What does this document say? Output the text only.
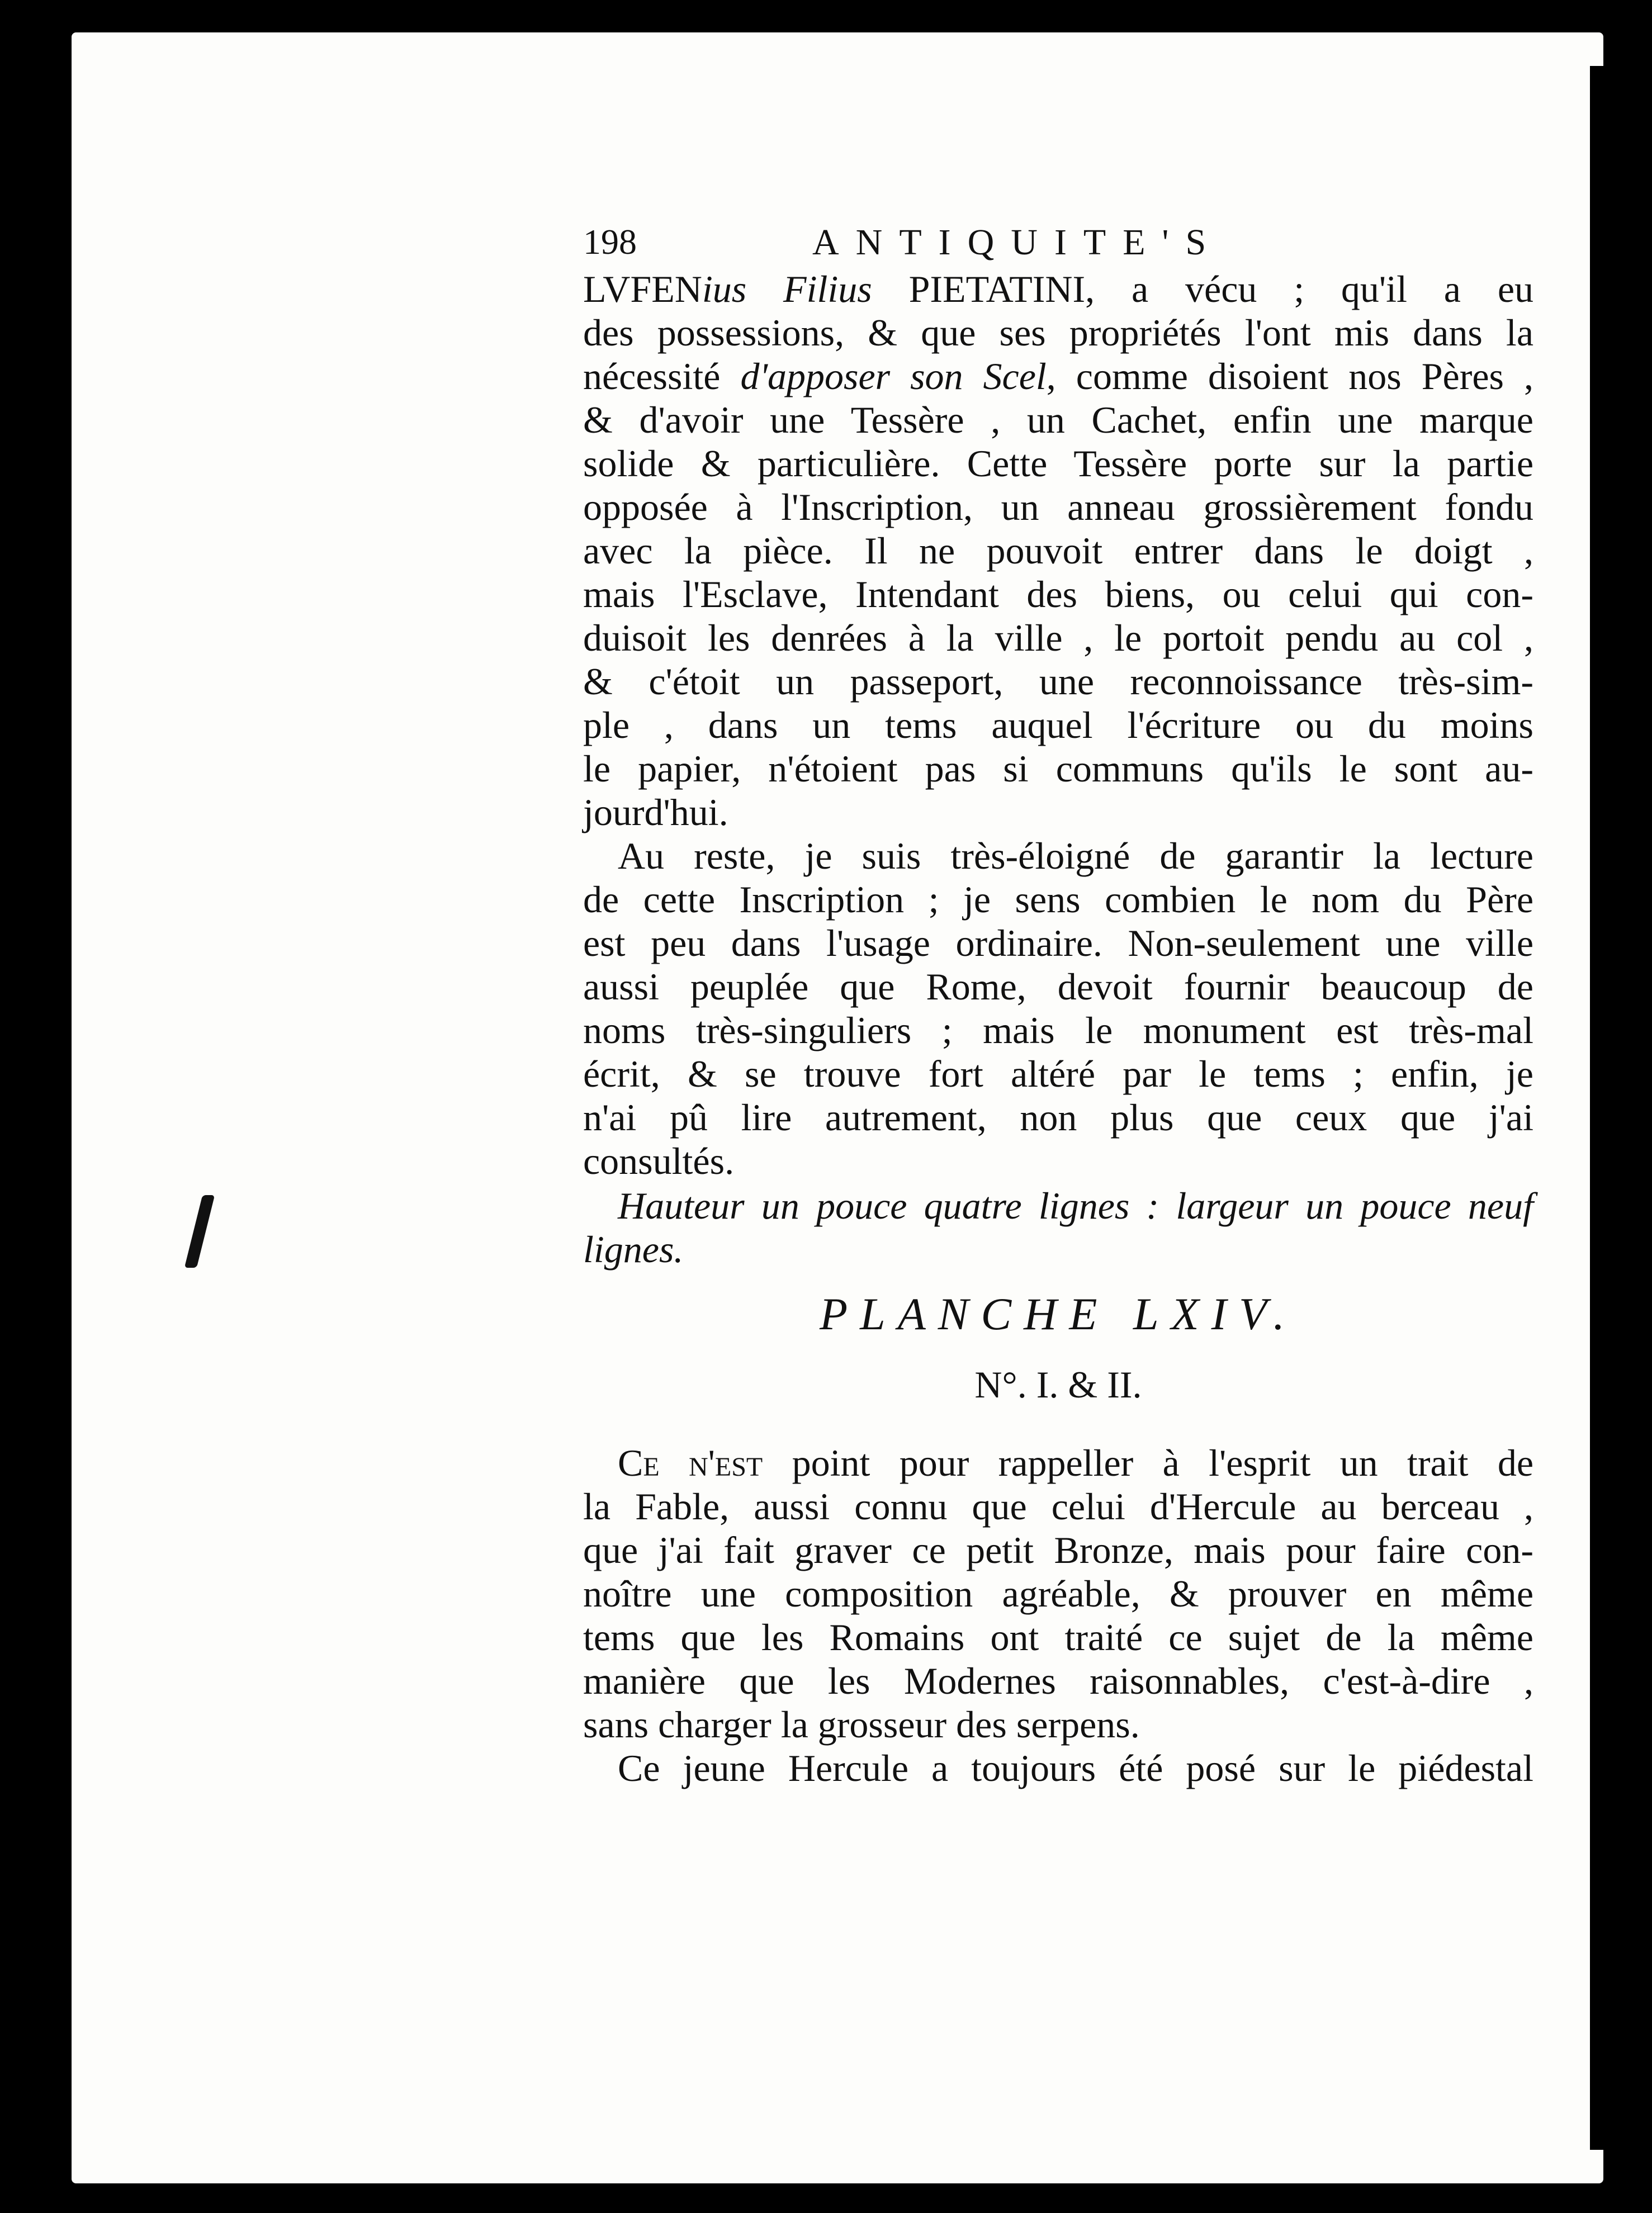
198	ANTIQUITE'S
LVFENius Filius PIETATINI, a vécu ; qu'il a eu
des possessions, & que ses propriétés l'ont mis dans la
nécessité d'apposer son Scel, comme disoient nos Pères ,
& d'avoir une Tessère , un Cachet, enfin une marque
solide & particulière. Cette Tessère porte sur la partie
opposée à l'Inscription, un anneau grossièrement fondu
avec la pièce. Il ne pouvoit entrer dans le doigt ,
mais l'Esclave, Intendant des biens, ou celui qui con-
duisoit les denrées à la ville , le portoit pendu au col ,
& c'étoit un passeport, une reconnoissance très-sim-
ple , dans un tems auquel l'écriture ou du moins
le papier, n'étoient pas si communs qu'ils le sont au-
jourd'hui.
Au reste, je suis très-éloigné de garantir la lecture
de cette Inscription ; je sens combien le nom du Père
est peu dans l'usage ordinaire. Non-seulement une ville
aussi peuplée que Rome, devoit fournir beaucoup de
noms très-singuliers ; mais le monument est très-mal
écrit, & se trouve fort altéré par le tems ; enfin, je
n'ai pû lire autrement, non plus que ceux que j'ai
consultés.
Hauteur un pouce quatre lignes : largeur un pouce neuf
lignes.
PLANCHE LXIV.
N°. I. & II.
Ce n'est point pour rappeller à l'esprit un trait de
la Fable, aussi connu que celui d'Hercule au berceau ,
que j'ai fait graver ce petit Bronze, mais pour faire con-
noître une composition agréable, & prouver en même
tems que les Romains ont traité ce sujet de la même
manière que les Modernes raisonnables, c'est-à-dire ,
sans charger la grosseur des serpens.
Ce jeune Hercule a toujours été posé sur le piédestal
